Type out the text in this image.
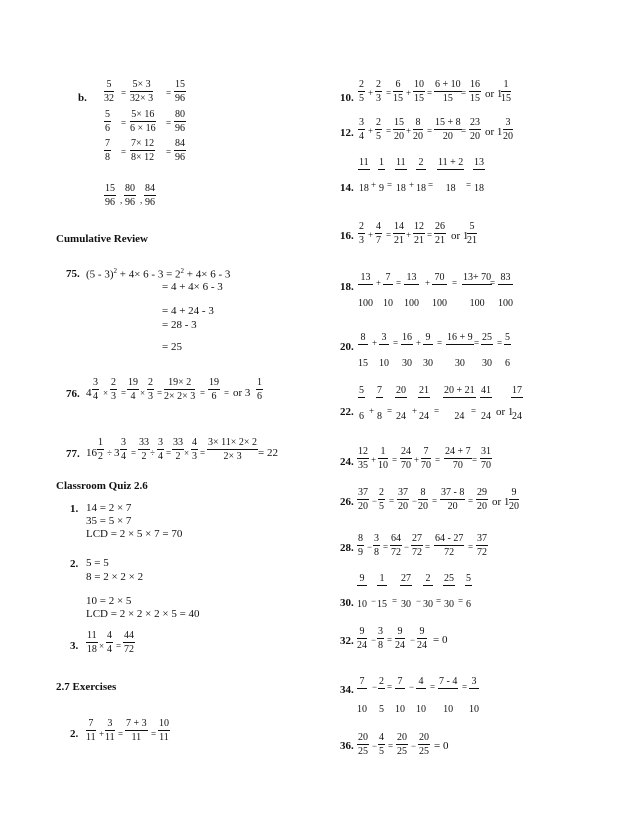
b.
5
32 =
5× 3
32× 3 =
15
96
5
6 =
5× 16
6 × 16 =
80
96
7
8 =
7× 12
8× 12 =
84
96
15
96 ,
80
96 ,
84
96
Cumulative Review
75. $(5 - 3)^2 + 4\times 6 - 3 = 2^2 + 4\times 6 - 3$
= 4 + 4× 6 - 3
= 4 + 24 - 3
= 28 - 3
= 25
76. 4
3
4 ×
2
3 =
19
4 ×
2
3 =
19× 2
2× 2× 3 =
19
6 = or 3
1
6
77. 16
1
2 ÷ 3
3
4 =
33
2 ÷
3
4 =
33
2 ×
4
3 =
3× 11× 2× 2
2× 3	= 22
Classroom Quiz 2.6
1. 14 = 2 × 7
35 = 5 × 7
LCD = 2 × 5 × 7 = 70
2. 5 = 5
8 = 2 × 2 × 2
10 = 2 × 5
LCD = 2 × 2 × 2 × 5 = 40
3.
11
18 ×
4
4 =
44
72
2.7 Exercises
2.
7
11 +
3
11 =
7 + 3
11	=
10
11
10.
2
5 +
2
3 =
6
15 +
10
15 =
6 + 10
15 =
16
15 or 1
1
15
12.
3
4 +
2
5 =
15
20 +
8
20 =
15 + 8
20 =
23
20 or 1
3
20
14.
11
18 +
1
9 =
11
18 +
2
18 =
11 + 2
18	=
13
18
16.
2
3 +
4
7 =
14
21 +
12
21 =
26
21 or 1
5
21
18.
13
100
+ 7
10
= 13
100
+ 70
100
= 13+ 70
100
= 83
100
20.
8
15
+ 3
10
= 16
30
+ 9
30
= 16 + 9
30
= 25
30
= 5
6
22.
5
6 +
7
8 =
20
24 +
21
24 =
20 + 21
24 =
41
24 or 1
17
24
24.
12
35 +
1
10 =
24
70 +
7
70 =
24 + 7
70	=
31
70
26.
37
20 −
2
5 =
37
20 −
8
20 =
37 - 8
20	=
29
20 or 1
9
20
28.
8
9 −
3
8 =
64
72 −
27
72 =
64 - 27
72	=
37
72
30.
9
10 −
1
15 =
27
30 −
2
30 =
25
30 =
5
6
32.
9
24 −
3
8 =
9
24 −
9
24 = 0
34.
7
10
− 2
5
= 7
10
− 4
10
= 7 - 4
10
= 3
10
36.
20
25 −
4
5 =
20
25 −
20
25 = 0
